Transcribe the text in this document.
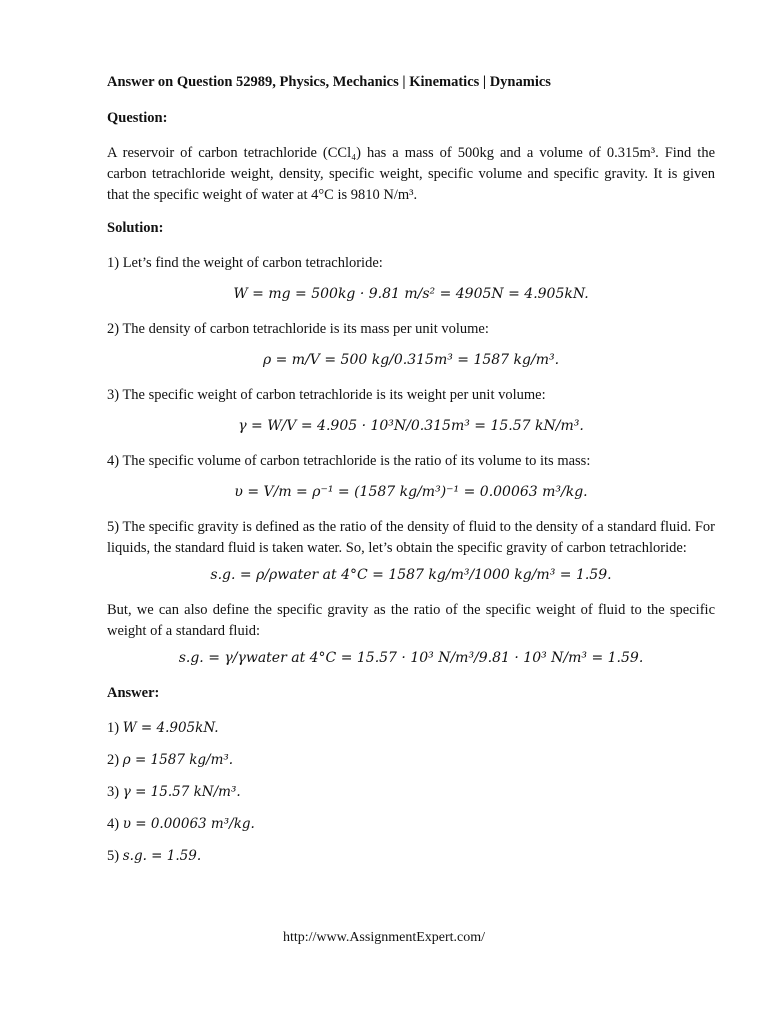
Answer on Question 52989, Physics, Mechanics | Kinematics | Dynamics

Question:

A reservoir of carbon tetrachloride (CCl₄) has a mass of 500kg and a volume of 0.315m³. Find the carbon tetrachloride weight, density, specific weight, specific volume and specific gravity. It is given that the specific weight of water at 4°C is 9810 N/m³.

Solution:

1) Let’s find the weight of carbon tetrachloride:

W = mg = 500kg · 9.81 m/s² = 4905N = 4.905kN.

2) The density of carbon tetrachloride is its mass per unit volume:

ρ = m/V = 500 kg/0.315m³ = 1587 kg/m³.

3) The specific weight of carbon tetrachloride is its weight per unit volume:

γ = W/V = 4.905 · 10³N/0.315m³ = 15.57 kN/m³.

4) The specific volume of carbon tetrachloride is the ratio of its volume to its mass:

υ = V/m = ρ⁻¹ = (1587 kg/m³)⁻¹ = 0.00063 m³/kg.

5) The specific gravity is defined as the ratio of the density of fluid to the density of a standard fluid. For liquids, the standard fluid is taken water. So, let’s obtain the specific gravity of carbon tetrachloride:

s.g. = ρ/ρwater at 4°C = 1587 kg/m³/1000 kg/m³ = 1.59.

But, we can also define the specific gravity as the ratio of the specific weight of fluid to the specific weight of a standard fluid:

s.g. = γ/γwater at 4°C = 15.57 · 10³ N/m³/9.81 · 10³ N/m³ = 1.59.

Answer:

1) W = 4.905kN.

2) ρ = 1587 kg/m³.

3) γ = 15.57 kN/m³.

4) υ = 0.00063 m³/kg.

5) s.g. = 1.59.

http://www.AssignmentExpert.com/
